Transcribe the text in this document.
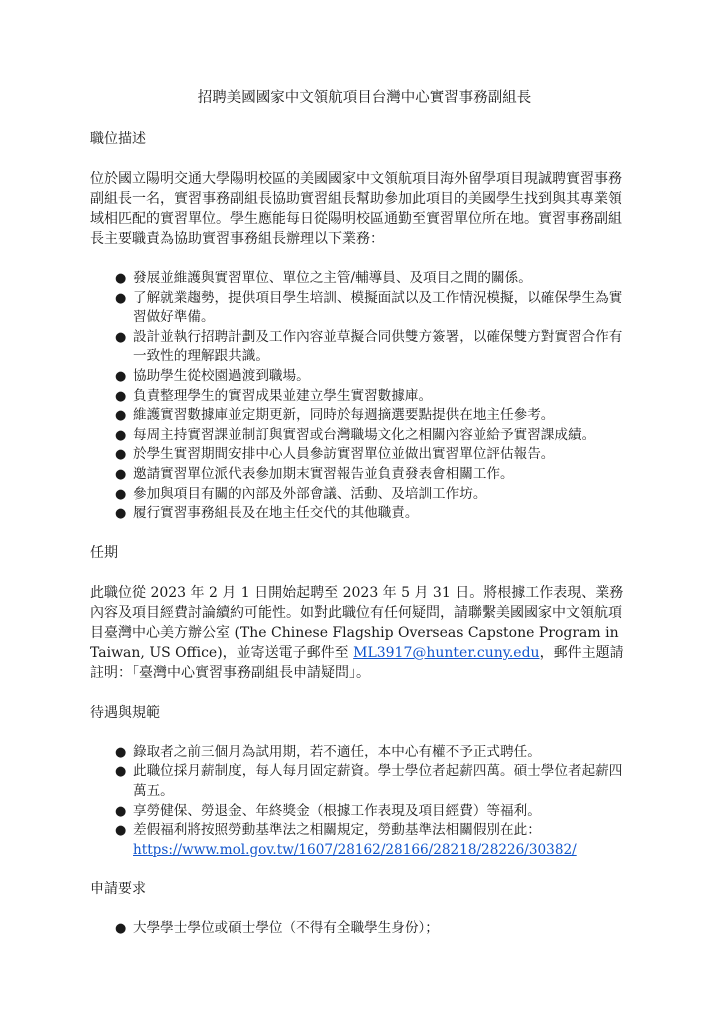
招聘美國國家中文領航項目台灣中心實習事務副組長
職位描述
位於國立陽明交通大學陽明校區的美國國家中文領航項目海外留學項目現誠聘實習事務副組長一名，實習事務副組長協助實習組長幫助參加此項目的美國學生找到與其專業領域相匹配的實習單位。學生應能每日從陽明校區通勤至實習單位所在地。實習事務副組長主要職責為協助實習事務組長辦理以下業務：
● 發展並維護與實習單位、單位之主管/輔導員、及項目之間的關係。
● 了解就業趨勢，提供項目學生培訓、模擬面試以及工作情況模擬，以確保學生為實習做好準備。
● 設計並執行招聘計劃及工作內容並草擬合同供雙方簽署，以確保雙方對實習合作有一致性的理解跟共識。
● 協助學生從校園過渡到職場。
● 負責整理學生的實習成果並建立學生實習數據庫。
● 維護實習數據庫並定期更新，同時於每週摘選要點提供在地主任參考。
● 每周主持實習課並制訂與實習或台灣職場文化之相關內容並給予實習課成績。
● 於學生實習期間安排中心人員參訪實習單位並做出實習單位評估報告。
● 邀請實習單位派代表參加期末實習報告並負責發表會相關工作。
● 參加與項目有關的內部及外部會議、活動、及培訓工作坊。
● 履行實習事務組長及在地主任交代的其他職責。
任期
此職位從 2023 年 2 月 1 日開始起聘至 2023 年 5 月 31 日。將根據工作表現、業務內容及項目經費討論續約可能性。如對此職位有任何疑問，請聯繫美國國家中文領航項目臺灣中心美方辦公室 (The Chinese Flagship Overseas Capstone Program in Taiwan, US Office)，並寄送電子郵件至 ML3917@hunter.cuny.edu，郵件主題請註明：「臺灣中心實習事務副組長申請疑問」。
待遇與規範
● 錄取者之前三個月為試用期，若不適任，本中心有權不予正式聘任。
● 此職位採月薪制度，每人每月固定薪資。學士學位者起薪四萬。碩士學位者起薪四萬五。
● 享勞健保、勞退金、年終獎金（根據工作表現及項目經費）等福利。
● 差假福利將按照勞動基準法之相關規定，勞動基準法相關假別在此：
https://www.mol.gov.tw/1607/28162/28166/28218/28226/30382/
申請要求
● 大學學士學位或碩士學位（不得有全職學生身份）；
